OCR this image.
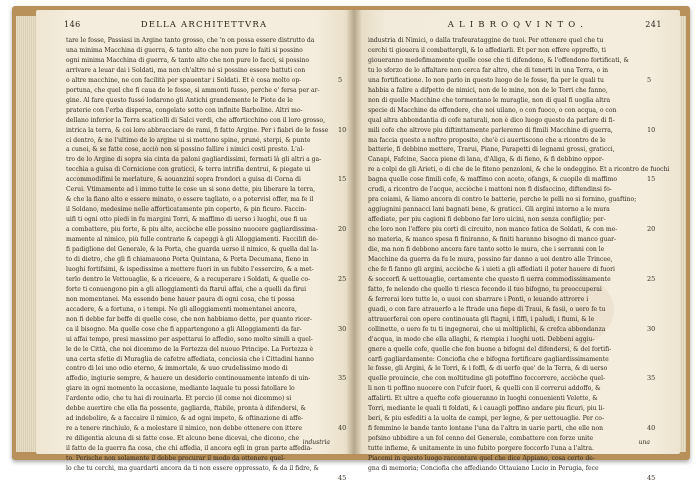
146	DELLA ARCHITETTVRA
tare le fosse, Passiasi in Argine tanto grosso, che 'n on possa essere distrutto da
una minima Macchina di guerra, & tanto alto che non pure lo faiti si possino
ogni minima Macchina di guerra, & tanto alto che non pure lo facci, si possino
arrivare a leuar dai i Soldati, ma non ch'altro né si possino essere battuti con
o altre macchine, ne con facilità per spauentar i Soldati. Et è cosa molto op-
portuna, che quel che fi caua de le fosse, sì ammonti fusso, perche e' fersa per ar-
gine. Al fare questo fussó lodarono gli Antichi grandemente le Piote de le
praterie con l'erba dispersa, congelate sotto con infinite Barboline. Altri mo-
dellano inferior la Terra scaticelli di Salci verdi, che afforticchino con il loro grosso,
intrica la terra, & coi loro abbracciare de rami, fi fatto Argine. Per i fiabri de le fosse
ci dentro, & ne l'ultimo de lo argine ui si mettono spine, pruné, sterpi, & punte
a cunei, & se fatte cose, acciò non si possino fallire i nimici costì presto. L'al-
tro de lo Argine di sopra sia cinta da paloni gagliardissimi, fermati là gli altri a ga-
tecchia a guisa di Cornicione con graticci, & terra intrifia dentrui, & piegate ui
accommodifimi le merlature, & aouanzini sopra frondori a guisa di Corna di
Cerui. Vtimamente ad i immo tutte le cose un si sono dette, piu liberare la terra,
& che la fiano alto e essere minato, o essere tagliato, o a potervisi offer, ma fe il
il Soldano, medesime nelle afforticatamente pin coperto, & pin ficuro. Faccin-
uifi ti ogni otto piedi in fu margini Torri, & maffimo di uerso i luoghi, oue fi ua
a combattere, piu forte, & piu alte, acciòche elle possino nuocere gagliardissima-
mamente al nimico, più fulle contrarie & capeggi à gli Alloggiamenti. Faccilifi de-
fi padiglione del Generale, & la Porta, che guarda uerso il nimico, & quella dal la-
to di dietro, che gli fi chiamauono Porta Quintana, & Porta Decumana, fieno in
luoghi fortifsimi, & ispedissime a mettere fuori in un fubito l'esserciro, & a met-
terlo dentro le Vettouaglie, & a riceuere, & a recuperare i Soldati, & quelle co-
forte ti conuengono pin a gli alloggiamenti da ftaruì affai, che a quelli da fìrui
non momentanei. Ma essendo bene hauer paura di ogni cosa, che ti possa
accadere, & a fortuna, o i tempi. Ne gli alloggiamenti momentanei ancora,
non fi debbe far beffe di quelle cose, che non habbiamo dette, per quanto ricer-
ca il bisogno. Ma quelle cose che fi appartengono a gli Alloggiamenti da far-
ui affai tempo, presi massimo per aspettarui lo affedio, sono molto simili a quel-
le de le Città, che noi dicemmo de la Fortezza del nuouo Principe. La Fortezza è
una certa sfetie di Muraglia de cafetre affediata, conciosia che i Cittadini hanno
contro di lei uno odio eterno, & immortale, & uuo crudelissimo modo di
affedio, ingiurie sempre, & hauere un desiderio continouamente intenfo di uin-
giare in ogni momento la occasione, mediante laquale tu possi fatollare lo
l'ardente odio, che tu hai di rouinarla. Et percio (il come noi dicemmo) si
debbe auertire che ella fia possente, gagliarda, ftabile, pronta à difendersi, &
ad indebolire, & a faccaire il nimico, & ad ogni impeto, & oftinazione di affe-
re a tenere rinchiulo, & a molestare il nimico, non debbe ottenere con ittere
re diligentia alcuna di si fatte cose. Et alcuno bene dicevai, che dicono, che
il fatto de la guerra fia cosa, che chi affedia, il ancora egli in gran parte affedia-
to. Perische non solamente il debbe procurar il modo da ottenere quel-
lo che tu cerchi, ma guardarti ancora da ti non essere oppressato, & da il fidre, &
5
10
15
20
25
30
35
40
45
industria
A L I B R O Q V I N T O .	241
industria di Nimici, o dalla trafeurataggine de tuoi. Per ottenere quel che tu
cerchi ti giouera il combattergli, & lo affediarli. Et per non effere oppreffo, ti
gioueranno medefimamente quelle cose che ti difendono, & l'offendono fortificati, &
tu lo sforzo de lo affaltare non cerca far altro, che di tenerti in una Terra, o in
una fortificatione. Io non parlo in questo luogo de le fosse, fia per le quali tu
habbia a falire a difpetto de nimici, non de le mine, non de le Torri che fanno,
non di quelle Macchine che tormentano le muraglie, non di qual fi uoglia altra
specie di Macchine da offendere, che noi uilano, o con fuoco, o con acqua, o con
qual altra abbondantia di cofe naturali, non è dico luogo questo da parlare di fi-
mili cofe che altrove piu diftinttamente parleremo di fimili Macchine di guerra,
ma faccia questo a noftro proposito, che'è ci auertiscono che a ricontro de le
batterie, fi debbino mettere, Trarui, Piane, Parapetti di legnami grossi, graticci,
Canapi, Fafcine, Sacca piene di lana, d'Aliga, & di fieno, & fi debbino oppor-
re a colpi de gli Arieti, o di che de le fiteno penzoloni, & che le ondeggino. Et a ricontro de fuochi
bagna quelle cose fimili cofe, & maffimo con aceto, ofangs, & cuopile di maffimo
crudi, a ricontro de l'acque, acciòche i mattoni non fi disfaccino, diftendinsi fo-
pra coiami, & liamo ancora di contro le batterie, perche le pelli no si fornino, guaftino;
aggiugnini pannacci lani bagnati bene, & graticci. Gli argini intorno a le mura
affediate, per piu cagioni fi debbono far loro uicini, non senza confiiglio; per-
che loro non l'effere piu corti di circuito, non manco fatica de Soldati, & con me-
no materia, & manco spesa fi finiranno, & finiti haranno bisogno di manco guar-
die, ma non fi debbono ancora fare tanto sotto le mura, che i serranni con le
Macchine da guerra da fu le mura, possino far danno a uoi dentro alle Trincee,
che fe fi fanno gli argini, acciòche & i uieti a gli affediati il poter hauere di fuori
& soccorfi & uettouaglie, certamente che questo fi uerra commodissimamente
fatto, fe nelendo che quello ti riesca fecondo il tuo bifogno, tu preoccuperai
& ferrerai loro tutte le, o uuoi con sbarrare i Ponti, o leuando attrorre i
guadi, o con fare atrauerfo a le ftrade una fiepe di Traui, & fasii, o uero fe tu
attrauerferai con opere continouata gli ftagni, i fiffi, i paludi, i fiumi, & le
collinette, o uero fe tu ti ingegnerai, che ui moltiplichi, & crefca abbondanza
d'acqua, in modo che ella allaghi, & riempia i luoghi uoti. Debbeni aggiu-
gnere a quelle cofe, quelle che fon buone a bifogni del difendersi, & del fortifi-
carfi gagliardamente: Conciofia che e bifogna fortificare gagliardissimamente
le fosse, gli Argini, & le Torri, & i foffi, & di uerfo que' de la Terra, & di uerso
quelle prouincie, che con moltitudine gli poteffino foccorrere, acciòche quel-
li non ti poffino nuocere con l'ufcir fuori, & quelli con il correrui addoffo, &
affalirti. Et ultre a quefte cofe gioueranno in luoghi conuenienti Velette, &
Torri, mediante le quali ti foldati, & i cauagli poffino andare piu ficuri, piu li-
beri, & piu esfediti a la uolta de campi, per legne, & per uettouaglie. Per co-
fi femmino le bande tanto lontane l'una da l'altra in uarie parti, che elle non
pofsino ubbidire a un fol cenno del Generale, combattere con forze unite
tutte infieme, & unitamente in uno fubito porgere foccorfo l'una a l'altra.
Piacemi in questo luogo raccontare quel che dice Appiano, cosa certo de-
gna di memoria; Conciofia che affediando Ottauiano Lucio in Perugia, fece
5
10
15
20
25
30
35
40
45
una
